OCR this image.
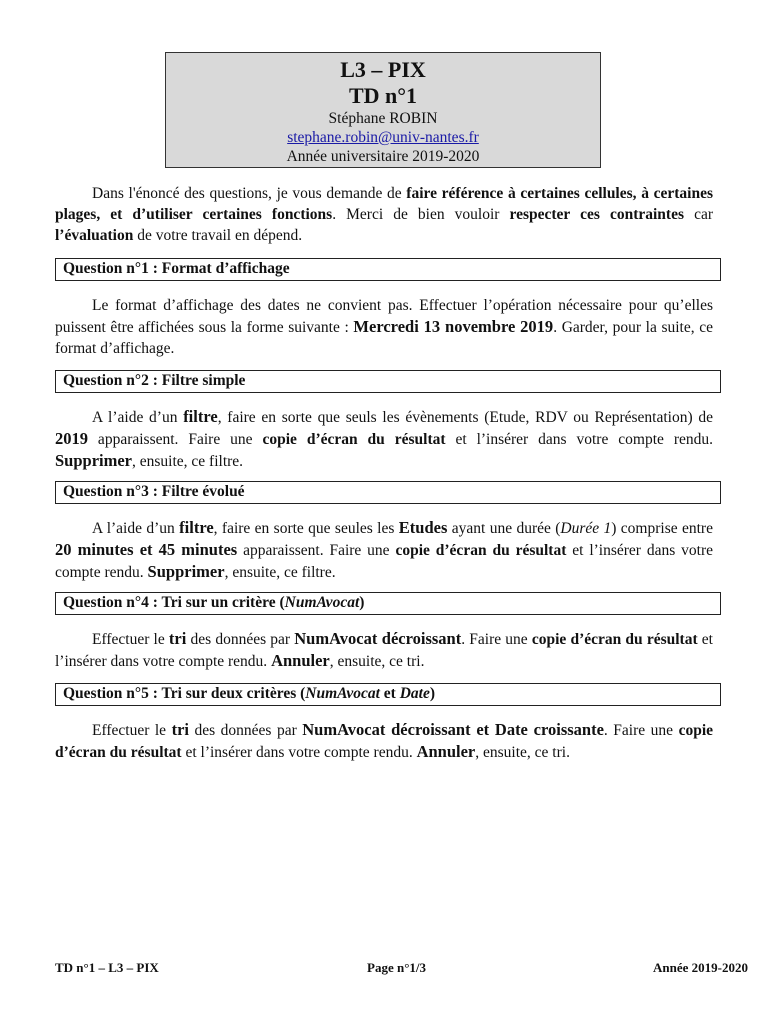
L3 – PIX
TD n°1
Stéphane ROBIN
stephane.robin@univ-nantes.fr
Année universitaire 2019-2020

Dans l'énoncé des questions, je vous demande de faire référence à certaines cellules, à certaines plages, et d’utiliser certaines fonctions. Merci de bien vouloir respecter ces contraintes car l’évaluation de votre travail en dépend.

Question n°1 : Format d’affichage

Le format d’affichage des dates ne convient pas. Effectuer l’opération nécessaire pour qu’elles puissent être affichées sous la forme suivante : Mercredi 13 novembre 2019. Garder, pour la suite, ce format d’affichage.

Question n°2 : Filtre simple

A l’aide d’un filtre, faire en sorte que seuls les évènements (Etude, RDV ou Représentation) de 2019 apparaissent. Faire une copie d’écran du résultat et l’insérer dans votre compte rendu. Supprimer, ensuite, ce filtre.

Question n°3 : Filtre évolué

A l’aide d’un filtre, faire en sorte que seules les Etudes ayant une durée (Durée 1) comprise entre 20 minutes et 45 minutes apparaissent. Faire une copie d’écran du résultat et l’insérer dans votre compte rendu. Supprimer, ensuite, ce filtre.

Question n°4 : Tri sur un critère (NumAvocat)

Effectuer le tri des données par NumAvocat décroissant. Faire une copie d’écran du résultat et l’insérer dans votre compte rendu. Annuler, ensuite, ce tri.

Question n°5 : Tri sur deux critères (NumAvocat et Date)

Effectuer le tri des données par NumAvocat décroissant et Date croissante. Faire une copie d’écran du résultat et l’insérer dans votre compte rendu. Annuler, ensuite, ce tri.

TD n°1 – L3 – PIX	Page n°1/3	Année 2019-2020
